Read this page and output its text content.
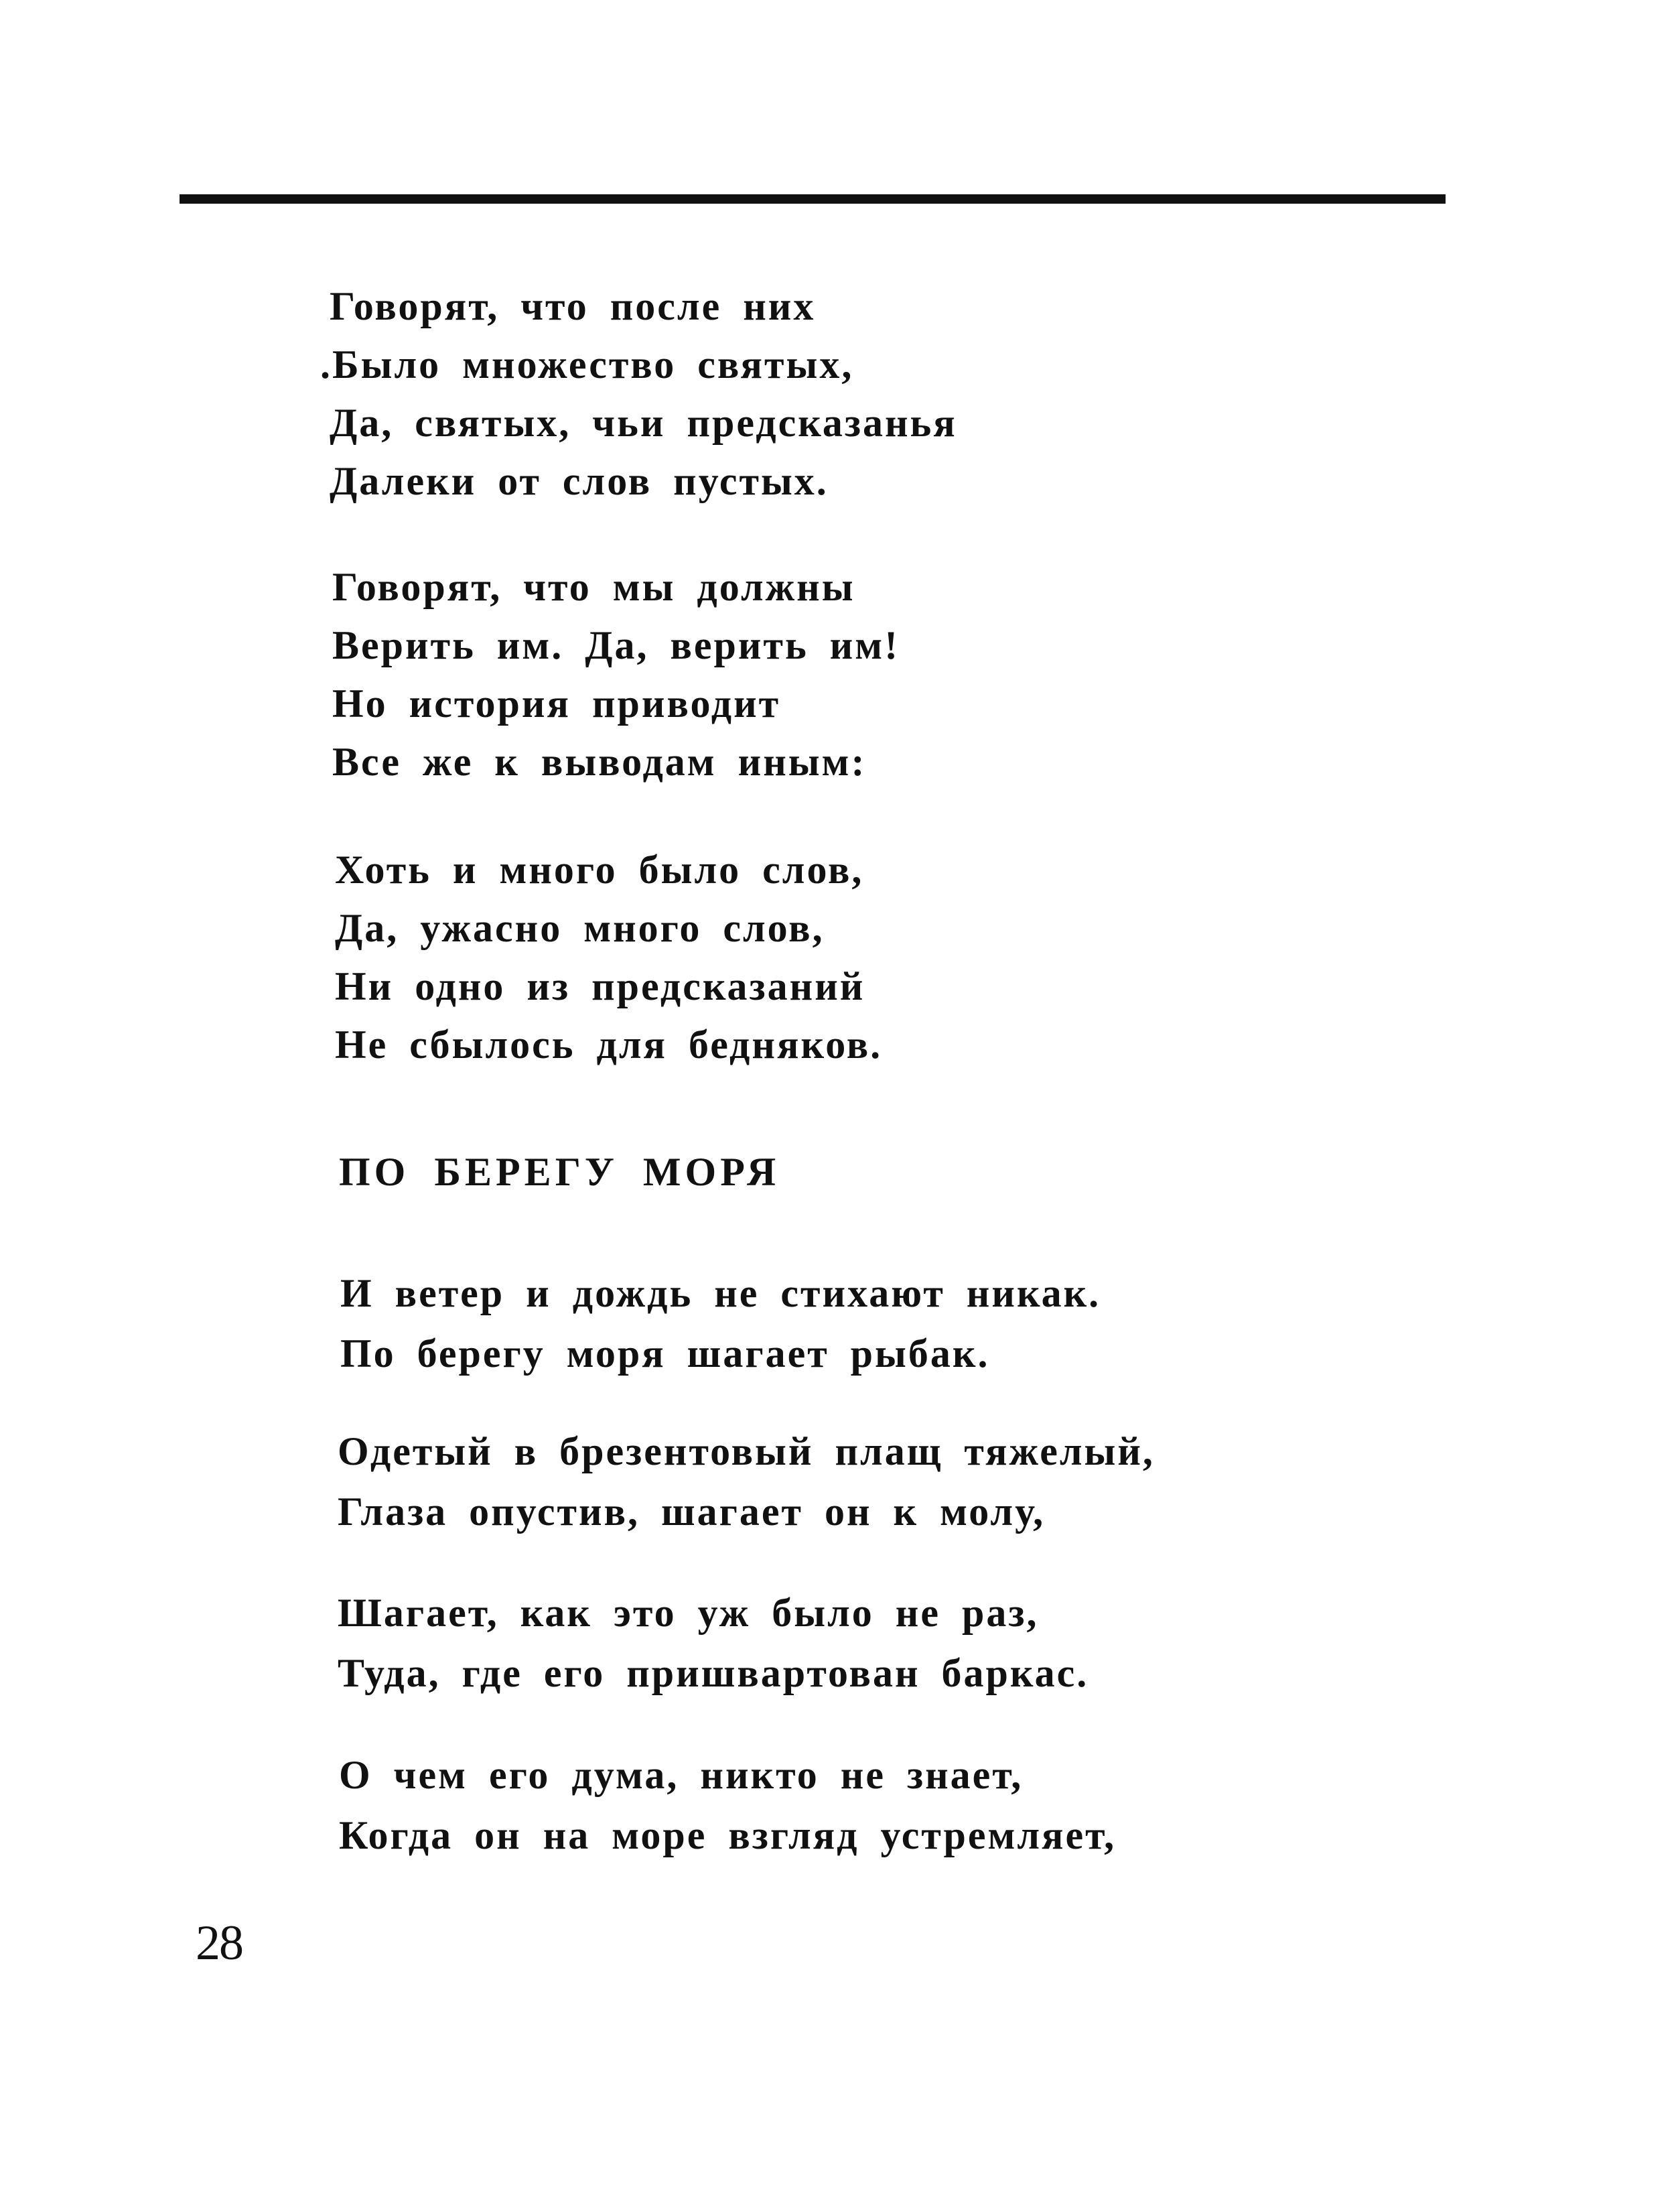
Говорят, что после них
.Было множество святых,
Да, святых, чьи предсказанья
Далеки от слов пустых.
Говорят, что мы должны
Верить им. Да, верить им!
Но история приводит
Все же к выводам иным:
Хоть и много было слов,
Да, ужасно много слов,
Ни одно из предсказаний
Не сбылось для бедняков.
ПО БЕРЕГУ МОРЯ
И ветер и дождь не стихают никак.
По берегу моря шагает рыбак.
Одетый в брезентовый плащ тяжелый,
Глаза опустив, шагает он к молу,
Шагает, как это уж было не раз,
Туда, где его пришвартован баркас.
О чем его дума, никто не знает,
Когда он на море взгляд устремляет,
28
